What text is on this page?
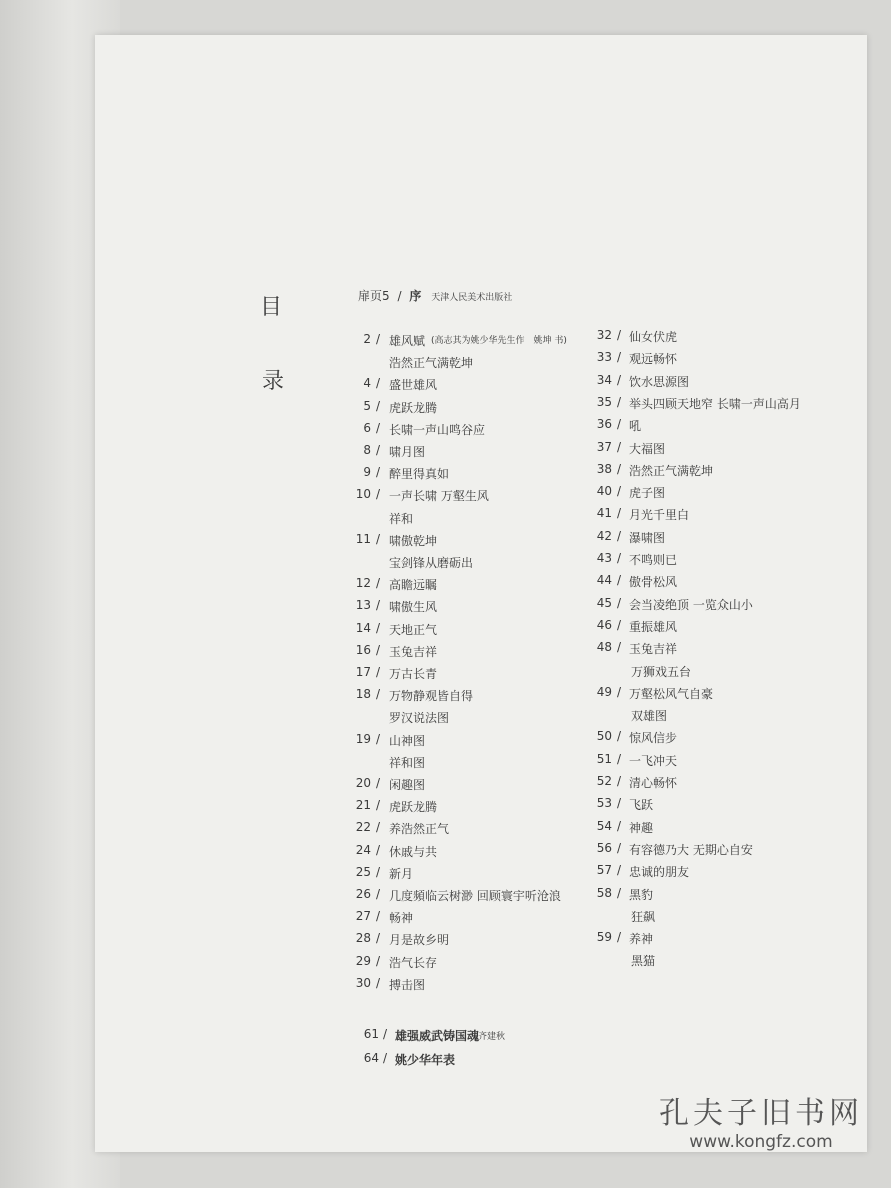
目
录
扉页5 / 序 天津人民美术出版社
2 / 雄风赋 (高志其为姚少华先生作　姚坤 书)
浩然正气满乾坤
4 / 盛世雄风
5 / 虎跃龙腾
6 / 长啸一声山鸣谷应
8 / 啸月图
9 / 醉里得真如
10 / 一声长啸 万壑生风
祥和
11 / 啸傲乾坤
宝剑锋从磨砺出
12 / 高瞻远瞩
13 / 啸傲生风
14 / 天地正气
16 / 玉兔吉祥
17 / 万古长青
18 / 万物静观皆自得
罗汉说法图
19 / 山神图
祥和图
20 / 闲趣图
21 / 虎跃龙腾
22 / 养浩然正气
24 / 休戚与共
25 / 新月
26 / 几度頻临云树渺 回顾寰宇听沧浪
27 / 畅神
28 / 月是故乡明
29 / 浩气长存
30 / 搏击图
32 / 仙女伏虎
33 / 观远畅怀
34 / 饮水思源图
35 / 举头四顾天地窄 长啸一声山高月
36 / 吼
37 / 大福图
38 / 浩然正气满乾坤
40 / 虎子图
41 / 月光千里白
42 / 瀑啸图
43 / 不鸣则已
44 / 傲骨松风
45 / 会当凌绝顶 一览众山小
46 / 重振雄风
48 / 玉兔吉祥
万狮戏五台
49 / 万壑松风气自豪
双雄图
50 / 惊风信步
51 / 一飞冲天
52 / 清心畅怀
53 / 飞跃
54 / 神趣
56 / 有容德乃大 无期心自安
57 / 忠诚的朋友
58 / 黑豹
狂飙
59 / 养神
黑猫
61 / 雄强威武铸国魂
齐建秋
64 / 姚少华年表
孔夫子旧书网
www.kongfz.com
